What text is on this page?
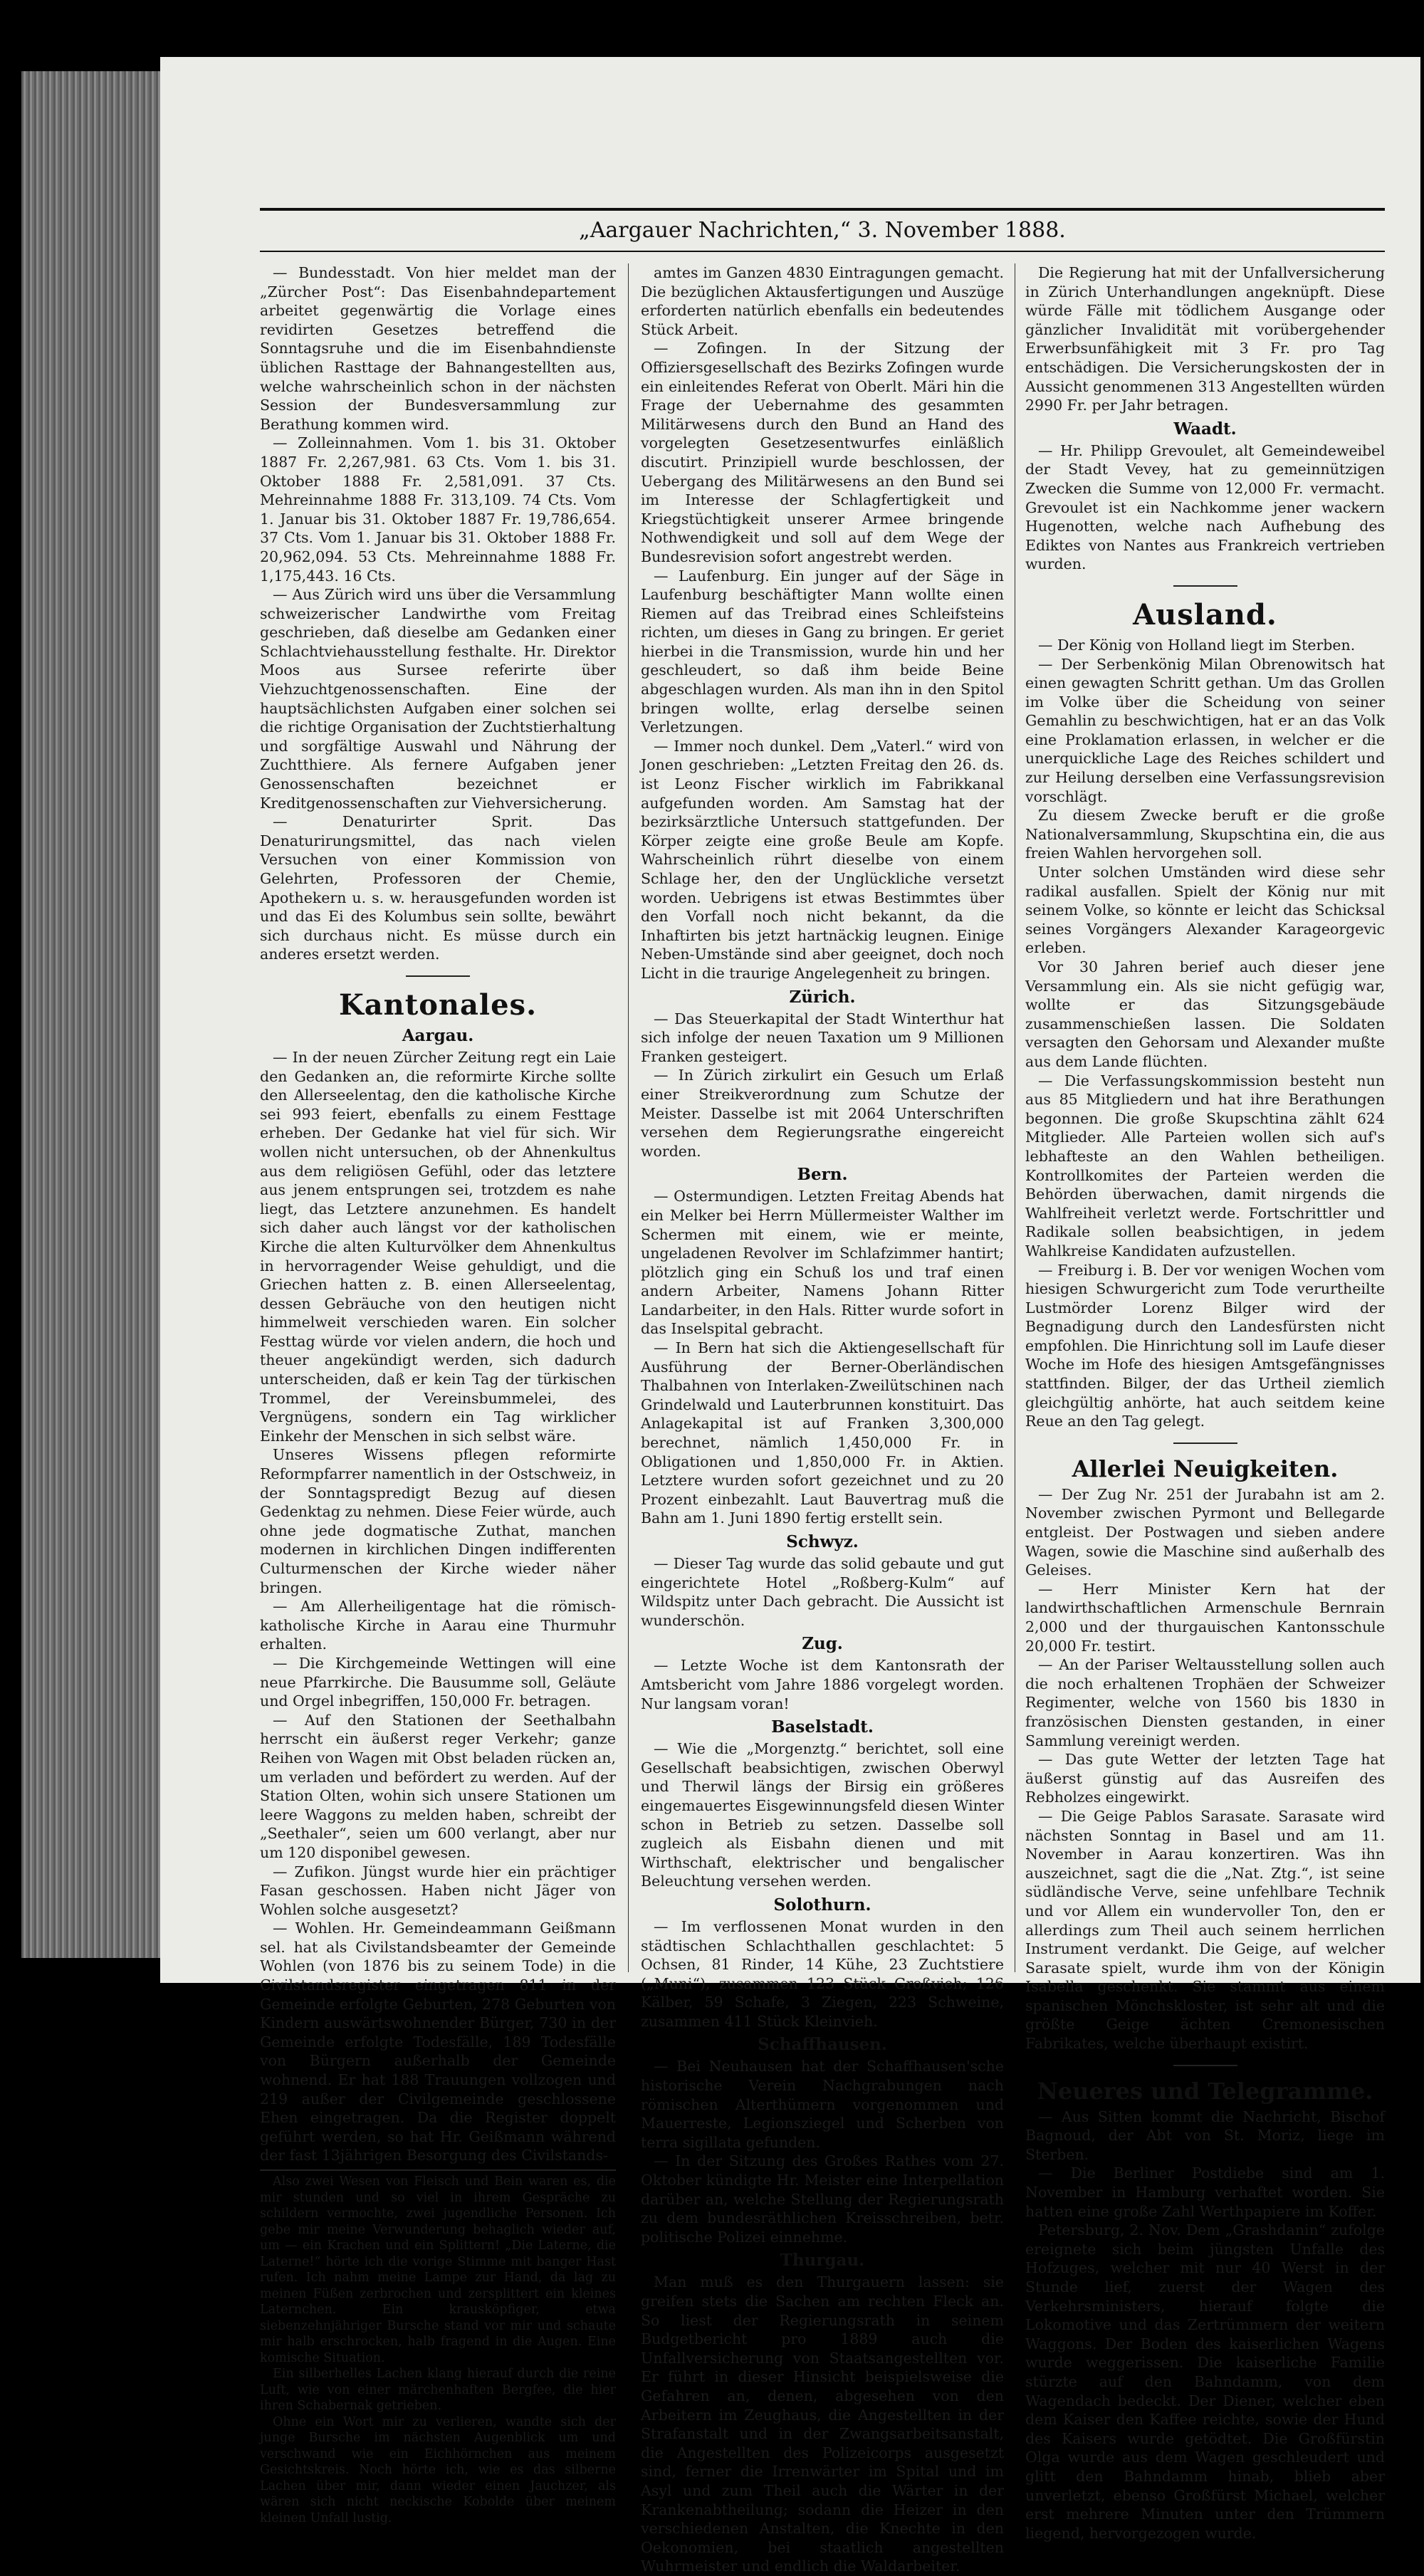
„Aargauer Nachrichten,“ 3. November 1888.

— Bundesstadt. Von hier meldet man der „Zürcher Post“: Das Eisenbahndepartement arbeitet gegenwärtig die Vorlage eines revidirten Gesetzes betreffend die Sonntagsruhe und die im Eisenbahndienste üblichen Rasttage der Bahnangestellten aus, welche wahrscheinlich schon in der nächsten Session der Bundesversammlung zur Berathung kommen wird.

— Zolleinnahmen. Vom 1. bis 31. Oktober 1887 Fr. 2,267,981. 63 Cts. Vom 1. bis 31. Oktober 1888 Fr. 2,581,091. 37 Cts. Mehreinnahme 1888 Fr. 313,109. 74 Cts. Vom 1. Januar bis 31. Oktober 1887 Fr. 19,786,654. 37 Cts. Vom 1. Januar bis 31. Oktober 1888 Fr. 20,962,094. 53 Cts. Mehreinnahme 1888 Fr. 1,175,443. 16 Cts.

— Aus Zürich wird uns über die Versammlung schweizerischer Landwirthe vom Freitag geschrieben, daß dieselbe am Gedanken einer Schlachtviehausstellung festhalte. Hr. Direktor Moos aus Sursee referirte über Viehzuchtgenossenschaften. Eine der hauptsächlichsten Aufgaben einer solchen sei die richtige Organisation der Zuchtstierhaltung und sorgfältige Auswahl und Nährung der Zuchtthiere. Als fernere Aufgaben jener Genossenschaften bezeichnet er Kreditgenossenschaften zur Viehversicherung.

— Denaturirter Sprit. Das Denaturirungsmittel, das nach vielen Versuchen von einer Kommission von Gelehrten, Professoren der Chemie, Apothekern u. s. w. herausgefunden worden ist und das Ei des Kolumbus sein sollte, bewährt sich durchaus nicht. Es müsse durch ein anderes ersetzt werden.

Kantonales.
Aargau.

— In der neuen Zürcher Zeitung regt ein Laie den Gedanken an, die reformirte Kirche sollte den Allerseelentag, den die katholische Kirche sei 993 feiert, ebenfalls zu einem Festtage erheben. Der Gedanke hat viel für sich. Wir wollen nicht untersuchen, ob der Ahnenkultus aus dem religiösen Gefühl, oder das letztere aus jenem entsprungen sei, trotzdem es nahe liegt, das Letztere anzunehmen. Es handelt sich daher auch längst vor der katholischen Kirche die alten Kulturvölker dem Ahnenkultus in hervorragender Weise gehuldigt, und die Griechen hatten z. B. einen Allerseelentag, dessen Gebräuche von den heutigen nicht himmelweit verschieden waren. Ein solcher Festtag würde vor vielen andern, die hoch und theuer angekündigt werden, sich dadurch unterscheiden, daß er kein Tag der türkischen Trommel, der Vereinsbummelei, des Vergnügens, sondern ein Tag wirklicher Einkehr der Menschen in sich selbst wäre.

Unseres Wissens pflegen reformirte Reformpfarrer namentlich in der Ostschweiz, in der Sonntagspredigt Bezug auf diesen Gedenktag zu nehmen. Diese Feier würde, auch ohne jede dogmatische Zuthat, manchen modernen in kirchlichen Dingen indifferenten Culturmenschen der Kirche wieder näher bringen.

— Am Allerheiligentage hat die römisch-katholische Kirche in Aarau eine Thurmuhr erhalten.

— Die Kirchgemeinde Wettingen will eine neue Pfarrkirche. Die Bausumme soll, Geläute und Orgel inbegriffen, 150,000 Fr. betragen.

— Auf den Stationen der Seethalbahn herrscht ein äußerst reger Verkehr; ganze Reihen von Wagen mit Obst beladen rücken an, um verladen und befördert zu werden. Auf der Station Olten, wohin sich unsere Stationen um leere Waggons zu melden haben, schreibt der „Seethaler“, seien um 600 verlangt, aber nur um 120 disponibel gewesen.

— Zufikon. Jüngst wurde hier ein prächtiger Fasan geschossen. Haben nicht Jäger von Wohlen solche ausgesetzt?

— Wohlen. Hr. Gemeindeammann Geißmann sel. hat als Civilstandsbeamter der Gemeinde Wohlen (von 1876 bis zu seinem Tode) in die Civilstandsregister eingetragen 811 in der Gemeinde erfolgte Geburten, 278 Geburten von Kindern auswärtswohnender Bürger, 730 in der Gemeinde erfolgte Todesfälle, 189 Todesfälle von Bürgern außerhalb der Gemeinde wohnend. Er hat 188 Trauungen vollzogen und 219 außer der Civilgemeinde geschlossene Ehen eingetragen. Da die Register doppelt geführt werden, so hat Hr. Geißmann während der fast 13jährigen Besorgung des Civilstands-

Also zwei Wesen von Fleisch und Bein waren es, die mir stunden und so viel in ihrem Gespräche zu schildern vermochte, zwei jugendliche Personen. Ich gebe mir meine Verwunderung behaglich wieder auf, um — ein Krachen und ein Splittern! „Die Laterne, die Laterne!“ hörte ich die vorige Stimme mit banger Hast rufen. Ich nahm meine Lampe zur Hand, da lag zu meinen Füßen zerbrochen und zersplittert ein kleines Laternchen. Ein krausköpfiger, etwa siebenzehnjähriger Bursche stand vor mir und schaute mir halb erschrocken, halb fragend in die Augen. Eine komische Situation.

Ein silberhelles Lachen klang hierauf durch die reine Luft, wie von einer märchenhaften Bergfee, die hier ihren Schabernak getrieben.

Ohne ein Wort mir zu verlieren, wandte sich der junge Bursche im nächsten Augenblick um und verschwand wie ein Eichhörnchen aus meinem Gesichtskreis. Noch hörte ich, wie es das silberne Lachen über mir, dann wieder einen Jauchzer, als wären sich nicht neckische Kobolde über meinem kleinen Unfall lustig.

amtes im Ganzen 4830 Eintragungen gemacht. Die bezüglichen Aktausfertigungen und Auszüge erforderten natürlich ebenfalls ein bedeutendes Stück Arbeit.

— Zofingen. In der Sitzung der Offiziersgesellschaft des Bezirks Zofingen wurde ein einleitendes Referat von Oberlt. Märi hin die Frage der Uebernahme des gesammten Militärwesens durch den Bund an Hand des vorgelegten Gesetzesentwurfes einläßlich discutirt. Prinzipiell wurde beschlossen, der Uebergang des Militärwesens an den Bund sei im Interesse der Schlagfertigkeit und Kriegstüchtigkeit unserer Armee bringende Nothwendigkeit und soll auf dem Wege der Bundesrevision sofort angestrebt werden.

— Laufenburg. Ein junger auf der Säge in Laufenburg beschäftigter Mann wollte einen Riemen auf das Treibrad eines Schleifsteins richten, um dieses in Gang zu bringen. Er geriet hierbei in die Transmission, wurde hin und her geschleudert, so daß ihm beide Beine abgeschlagen wurden. Als man ihn in den Spitol bringen wollte, erlag derselbe seinen Verletzungen.

— Immer noch dunkel. Dem „Vaterl.“ wird von Jonen geschrieben: „Letzten Freitag den 26. ds. ist Leonz Fischer wirklich im Fabrikkanal aufgefunden worden. Am Samstag hat der bezirksärztliche Untersuch stattgefunden. Der Körper zeigte eine große Beule am Kopfe. Wahrscheinlich rührt dieselbe von einem Schlage her, den der Unglückliche versetzt worden. Uebrigens ist etwas Bestimmtes über den Vorfall noch nicht bekannt, da die Inhaftirten bis jetzt hartnäckig leugnen. Einige Neben-Umstände sind aber geeignet, doch noch Licht in die traurige Angelegenheit zu bringen.

Zürich.

— Das Steuerkapital der Stadt Winterthur hat sich infolge der neuen Taxation um 9 Millionen Franken gesteigert.

— In Zürich zirkulirt ein Gesuch um Erlaß einer Streikverordnung zum Schutze der Meister. Dasselbe ist mit 2064 Unterschriften versehen dem Regierungsrathe eingereicht worden.

Bern.

— Ostermundigen. Letzten Freitag Abends hat ein Melker bei Herrn Müllermeister Walther im Schermen mit einem, wie er meinte, ungeladenen Revolver im Schlafzimmer hantirt; plötzlich ging ein Schuß los und traf einen andern Arbeiter, Namens Johann Ritter Landarbeiter, in den Hals. Ritter wurde sofort in das Inselspital gebracht.

— In Bern hat sich die Aktiengesellschaft für Ausführung der Berner-Oberländischen Thalbahnen von Interlaken-Zweilütschinen nach Grindelwald und Lauterbrunnen konstituirt. Das Anlagekapital ist auf Franken 3,300,000 berechnet, nämlich 1,450,000 Fr. in Obligationen und 1,850,000 Fr. in Aktien. Letztere wurden sofort gezeichnet und zu 20 Prozent einbezahlt. Laut Bauvertrag muß die Bahn am 1. Juni 1890 fertig erstellt sein.

Schwyz.

— Dieser Tag wurde das solid gebaute und gut eingerichtete Hotel „Roßberg-Kulm“ auf Wildspitz unter Dach gebracht. Die Aussicht ist wunderschön.

Zug.

— Letzte Woche ist dem Kantonsrath der Amtsbericht vom Jahre 1886 vorgelegt worden. Nur langsam voran!

Baselstadt.

— Wie die „Morgenztg.“ berichtet, soll eine Gesellschaft beabsichtigen, zwischen Oberwyl und Therwil längs der Birsig ein größeres eingemauertes Eisgewinnungsfeld diesen Winter schon in Betrieb zu setzen. Dasselbe soll zugleich als Eisbahn dienen und mit Wirthschaft, elektrischer und bengalischer Beleuchtung versehen werden.

Solothurn.

— Im verflossenen Monat wurden in den städtischen Schlachthallen geschlachtet: 5 Ochsen, 81 Rinder, 14 Kühe, 23 Zuchtstiere („Muni“), zusammen 123 Stück Großvieh; 126 Kälber, 59 Schafe, 3 Ziegen, 223 Schweine, zusammen 411 Stück Kleinvieh.

Schaffhausen.

— Bei Neuhausen hat der Schaffhausen'sche historische Verein Nachgrabungen nach römischen Alterthümern vorgenommen und Mauerreste, Legionsziegel und Scherben von terra sigillata gefunden.

— In der Sitzung des Großes Rathes vom 27. Oktober kündigte Hr. Meister eine Interpellation darüber an, welche Stellung der Regierungsrath zu dem bundesräthlichen Kreisschreiben, betr. politische Polizei einnehme.

Thurgau.

Man muß es den Thurgauern lassen: sie greifen stets die Sachen am rechten Fleck an. So liest der Regierungsrath in seinem Budgetbericht pro 1889 auch die Unfallversicherung von Staatsangestellten vor. Er führt in dieser Hinsicht beispielsweise die Gefahren an, denen, abgesehen von den Arbeitern im Zeughaus, die Angestellten in der Strafanstalt und in der Zwangsarbeitsanstalt, die Angestellten des Polizeicorps ausgesetzt sind, ferner die Irrenwärter im Spital und im Asyl und zum Theil auch die Wärter in der Krankenabtheilung; sodann die Heizer in den verschiedenen Anstalten, die Knechte in den Oekonomien, bei staatlich angestellten Wuhrmeister und endlich die Waldarbeiter.

Die Regierung hat mit der Unfallversicherung in Zürich Unterhandlungen angeknüpft. Diese würde Fälle mit tödlichem Ausgange oder gänzlicher Invalidität mit vorübergehender Erwerbsunfähigkeit mit 3 Fr. pro Tag entschädigen. Die Versicherungskosten der in Aussicht genommenen 313 Angestellten würden 2990 Fr. per Jahr betragen.

Waadt.

— Hr. Philipp Grevoulet, alt Gemeindeweibel der Stadt Vevey, hat zu gemeinnützigen Zwecken die Summe von 12,000 Fr. vermacht. Grevoulet ist ein Nachkomme jener wackern Hugenotten, welche nach Aufhebung des Ediktes von Nantes aus Frankreich vertrieben wurden.

Ausland.

— Der König von Holland liegt im Sterben.

— Der Serbenkönig Milan Obrenowitsch hat einen gewagten Schritt gethan. Um das Grollen im Volke über die Scheidung von seiner Gemahlin zu beschwichtigen, hat er an das Volk eine Proklamation erlassen, in welcher er die unerquickliche Lage des Reiches schildert und zur Heilung derselben eine Verfassungsrevision vorschlägt.

Zu diesem Zwecke beruft er die große Nationalversammlung, Skupschtina ein, die aus freien Wahlen hervorgehen soll.

Unter solchen Umständen wird diese sehr radikal ausfallen. Spielt der König nur mit seinem Volke, so könnte er leicht das Schicksal seines Vorgängers Alexander Karageorgevic erleben.

Vor 30 Jahren berief auch dieser jene Versammlung ein. Als sie nicht gefügig war, wollte er das Sitzungsgebäude zusammenschießen lassen. Die Soldaten versagten den Gehorsam und Alexander mußte aus dem Lande flüchten.

— Die Verfassungskommission besteht nun aus 85 Mitgliedern und hat ihre Berathungen begonnen. Die große Skupschtina zählt 624 Mitglieder. Alle Parteien wollen sich auf's lebhafteste an den Wahlen betheiligen. Kontrollkomites der Parteien werden die Behörden überwachen, damit nirgends die Wahlfreiheit verletzt werde. Fortschrittler und Radikale sollen beabsichtigen, in jedem Wahlkreise Kandidaten aufzustellen.

— Freiburg i. B. Der vor wenigen Wochen vom hiesigen Schwurgericht zum Tode verurtheilte Lustmörder Lorenz Bilger wird der Begnadigung durch den Landesfürsten nicht empfohlen. Die Hinrichtung soll im Laufe dieser Woche im Hofe des hiesigen Amtsgefängnisses stattfinden. Bilger, der das Urtheil ziemlich gleichgültig anhörte, hat auch seitdem keine Reue an den Tag gelegt.

Allerlei Neuigkeiten.

— Der Zug Nr. 251 der Jurabahn ist am 2. November zwischen Pyrmont und Bellegarde entgleist. Der Postwagen und sieben andere Wagen, sowie die Maschine sind außerhalb des Geleises.

— Herr Minister Kern hat der landwirthschaftlichen Armenschule Bernrain 2,000 und der thurgauischen Kantonsschule 20,000 Fr. testirt.

— An der Pariser Weltausstellung sollen auch die noch erhaltenen Trophäen der Schweizer Regimenter, welche von 1560 bis 1830 in französischen Diensten gestanden, in einer Sammlung vereinigt werden.

— Das gute Wetter der letzten Tage hat äußerst günstig auf das Ausreifen des Rebholzes eingewirkt.

— Die Geige Pablos Sarasate. Sarasate wird nächsten Sonntag in Basel und am 11. November in Aarau konzertiren. Was ihn auszeichnet, sagt die die „Nat. Ztg.“, ist seine südländische Verve, seine unfehlbare Technik und vor Allem ein wundervoller Ton, den er allerdings zum Theil auch seinem herrlichen Instrument verdankt. Die Geige, auf welcher Sarasate spielt, wurde ihm von der Königin Isabella geschenkt. Sie stammt aus einem spanischen Mönchskloster, ist sehr alt und die größte Geige ächten Cremonesischen Fabrikates, welche überhaupt existirt.

Neueres und Telegramme.

— Aus Sitten kommt die Nachricht, Bischof Bagnoud, der Abt von St. Moriz, liege im Sterben.

— Die Berliner Postdiebe sind am 1. November in Hamburg verhaftet worden. Sie hatten eine große Zahl Werthpapiere im Koffer.

Petersburg, 2. Nov. Dem „Grashdanin“ zufolge ereignete sich beim jüngsten Unfalle des Hofzuges, welcher mit nur 40 Werst in der Stunde lief, zuerst der Wagen des Verkehrsministers, hierauf folgte die Lokomotive und das Zertrümmern der weitern Waggons. Der Boden des kaiserlichen Wagens wurde weggerissen. Die kaiserliche Familie stürzte auf den Bahndamm, von dem Wagendach bedeckt. Der Diener, welcher eben dem Kaiser den Kaffee reichte, sowie der Hund des Kaisers wurde getödtet. Die Großfürstin Olga wurde aus dem Wagen geschleudert und glitt den Bahndamm hinab, blieb aber unverletzt, ebenso Großfürst Michael, welcher erst mehrere Minuten unter den Trümmern liegend, hervorgezogen wurde.
